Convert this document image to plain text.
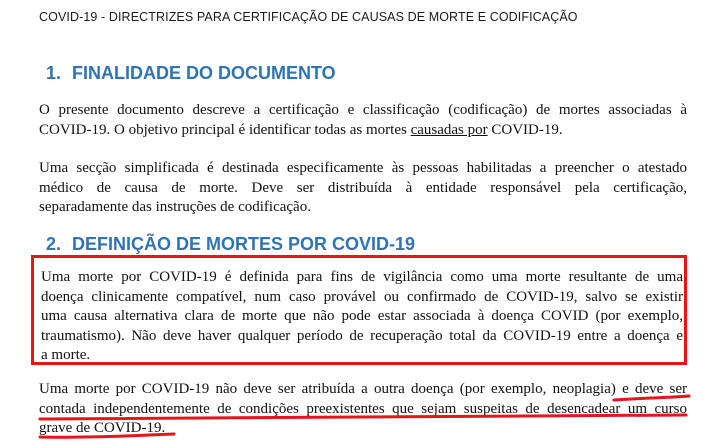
COVID-19 - DIRECTRIZES PARA CERTIFICAÇÃO DE CAUSAS DE MORTE E CODIFICAÇÃO
1. FINALIDADE DO DOCUMENTO
O presente documento descreve a certificação e classificação (codificação) de mortes associadas à
COVID-19. O objetivo principal é identificar todas as mortes causadas por COVID-19.
Uma secção simplificada é destinada especificamente às pessoas habilitadas a preencher o atestado
médico de causa de morte. Deve ser distribuída à entidade responsável pela certificação,
separadamente das instruções de codificação.
2. DEFINIÇÃO DE MORTES POR COVID-19
Uma morte por COVID-19 é definida para fins de vigilância como uma morte resultante de uma
doença clinicamente compatível, num caso provável ou confirmado de COVID-19, salvo se existir
uma causa alternativa clara de morte que não pode estar associada à doença COVID (por exemplo,
traumatismo). Não deve haver qualquer período de recuperação total da COVID-19 entre a doença e
a morte.
Uma morte por COVID-19 não deve ser atribuída a outra doença (por exemplo, neoplagia) e deve ser
contada independentemente de condições preexistentes que sejam suspeitas de desencadear um curso
grave de COVID-19.
